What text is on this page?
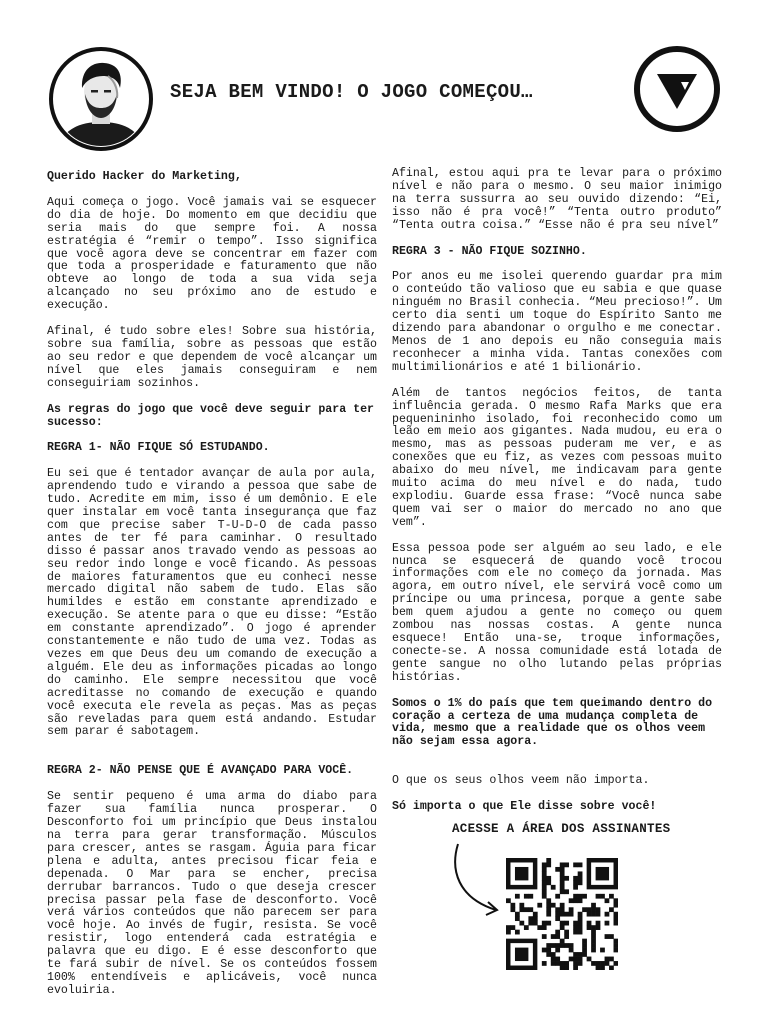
SEJA BEM VINDO! O JOGO COMEÇOU…

Querido Hacker do Marketing,

Aqui começa o jogo. Você jamais vai se esquecer do dia de hoje. Do momento em que decidiu que seria mais do que sempre foi. A nossa estratégia é “remir o tempo”. Isso significa que você agora deve se concentrar em fazer com que toda a prosperidade e faturamento que não obteve ao longo de toda a sua vida seja alcançado no seu próximo ano de estudo e execução.

Afinal, é tudo sobre eles! Sobre sua história, sobre sua família, sobre as pessoas que estão ao seu redor e que dependem de você alcançar um nível que eles jamais conseguiram e nem conseguiriam sozinhos.

As regras do jogo que você deve seguir para ter sucesso:

REGRA 1- NÃO FIQUE SÓ ESTUDANDO.

Eu sei que é tentador avançar de aula por aula, aprendendo tudo e virando a pessoa que sabe de tudo. Acredite em mim, isso é um demônio. E ele quer instalar em você tanta insegurança que faz com que precise saber T-U-D-O de cada passo antes de ter fé para caminhar. O resultado disso é passar anos travado vendo as pessoas ao seu redor indo longe e você ficando. As pessoas de maiores faturamentos que eu conheci nesse mercado digital não sabem de tudo. Elas são humildes e estão em constante aprendizado e execução. Se atente para o que eu disse: “Estão em constante aprendizado”. O jogo é aprender constantemente e não tudo de uma vez. Todas as vezes em que Deus deu um comando de execução a alguém. Ele deu as informações picadas ao longo do caminho. Ele sempre necessitou que você acreditasse no comando de execução e quando você executa ele revela as peças. Mas as peças são reveladas para quem está andando. Estudar sem parar é sabotagem.

REGRA 2- NÃO PENSE QUE É AVANÇADO PARA VOCÊ.

Se sentir pequeno é uma arma do diabo para fazer sua família nunca prosperar. O Desconforto foi um princípio que Deus instalou na terra para gerar transformação. Músculos para crescer, antes se rasgam. Águia para ficar plena e adulta, antes precisou ficar feia e depenada. O Mar para se encher, precisa derrubar barrancos. Tudo o que deseja crescer precisa passar pela fase de desconforto. Você verá vários conteúdos que não parecem ser para você hoje. Ao invés de fugir, resista. Se você resistir, logo entenderá cada estratégia e palavra que eu digo. E é esse desconforto que te fará subir de nível. Se os conteúdos fossem 100% entendíveis e aplicáveis, você nunca evoluiria.

Afinal, estou aqui pra te levar para o próximo nível e não para o mesmo. O seu maior inimigo na terra sussurra ao seu ouvido dizendo: “Ei, isso não é pra você!” “Tenta outro produto” “Tenta outra coisa.” “Esse não é pra seu nível”

REGRA 3 - NÃO FIQUE SOZINHO.

Por anos eu me isolei querendo guardar pra mim o conteúdo tão valioso que eu sabia e que quase ninguém no Brasil conhecia. “Meu precioso!”. Um certo dia senti um toque do Espírito Santo me dizendo para abandonar o orgulho e me conectar. Menos de 1 ano depois eu não conseguia mais reconhecer a minha vida. Tantas conexões com multimilionários e até 1 bilionário.

Além de tantos negócios feitos, de tanta influência gerada. O mesmo Rafa Marks que era pequenininho isolado, foi reconhecido como um leão em meio aos gigantes. Nada mudou, eu era o mesmo, mas as pessoas puderam me ver, e as conexões que eu fiz, as vezes com pessoas muito abaixo do meu nível, me indicavam para gente muito acima do meu nível e do nada, tudo explodiu. Guarde essa frase: “Você nunca sabe quem vai ser o maior do mercado no ano que vem”.

Essa pessoa pode ser alguém ao seu lado, e ele nunca se esquecerá de quando você trocou informações com ele no começo da jornada. Mas agora, em outro nível, ele servirá você como um príncipe ou uma princesa, porque a gente sabe bem quem ajudou a gente no começo ou quem zombou nas nossas costas. A gente nunca esquece! Então una-se, troque informações, conecte-se. A nossa comunidade está lotada de gente sangue no olho lutando pelas próprias histórias.

Somos o 1% do país que tem queimando dentro do coração a certeza de uma mudança completa de vida, mesmo que a realidade que os olhos veem não sejam essa agora.

O que os seus olhos veem não importa.

Só importa o que Ele disse sobre você!

ACESSE A ÁREA DOS ASSINANTES
